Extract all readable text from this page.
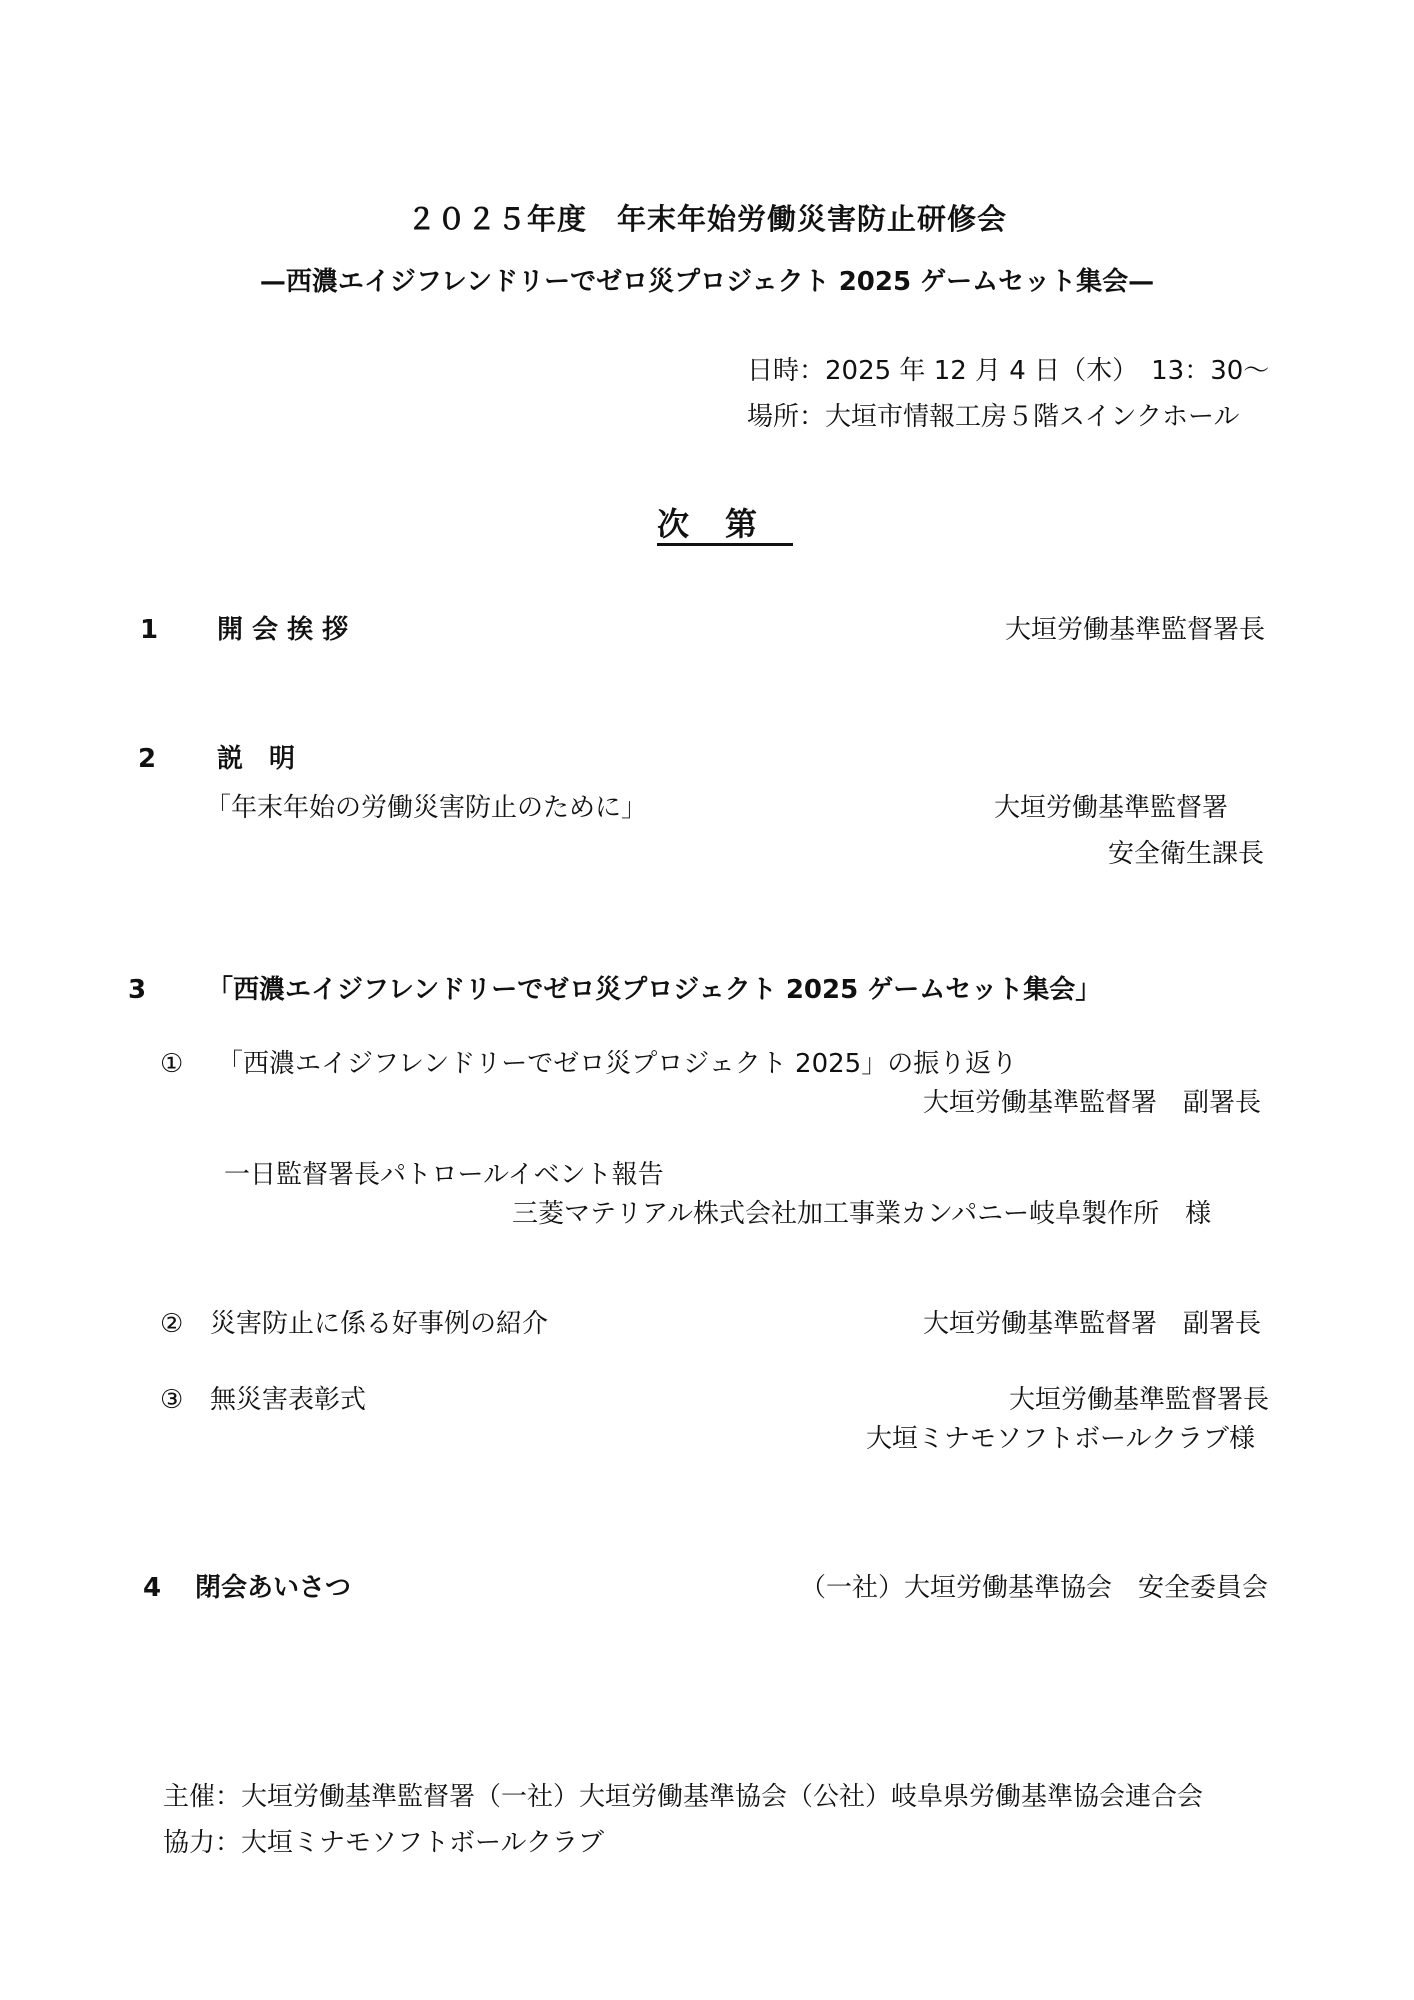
２０２５年度　年末年始労働災害防止研修会
—西濃エイジフレンドリーでゼロ災プロジェクト 2025 ゲームセット集会—
日時：2025 年 12 月 4 日（木）　13：30～
場所：大垣市情報工房５階スインクホール
次第
1 開 会 挨 拶	大垣労働基準監督署長
2 説　明
「年末年始の労働災害防止のために」	大垣労働基準監督署
安全衛生課長
3 「西濃エイジフレンドリーでゼロ災プロジェクト 2025 ゲームセット集会」
① 「西濃エイジフレンドリーでゼロ災プロジェクト 2025」の振り返り
大垣労働基準監督署　副署長
一日監督署長パトロールイベント報告
三菱マテリアル株式会社加工事業カンパニー岐阜製作所　様
② 災害防止に係る好事例の紹介	大垣労働基準監督署　副署長
③ 無災害表彰式	大垣労働基準監督署長
大垣ミナモソフトボールクラブ様
4 閉会あいさつ	（一社）大垣労働基準協会　安全委員会
主催：大垣労働基準監督署（一社）大垣労働基準協会（公社）岐阜県労働基準協会連合会
協力：大垣ミナモソフトボールクラブ
